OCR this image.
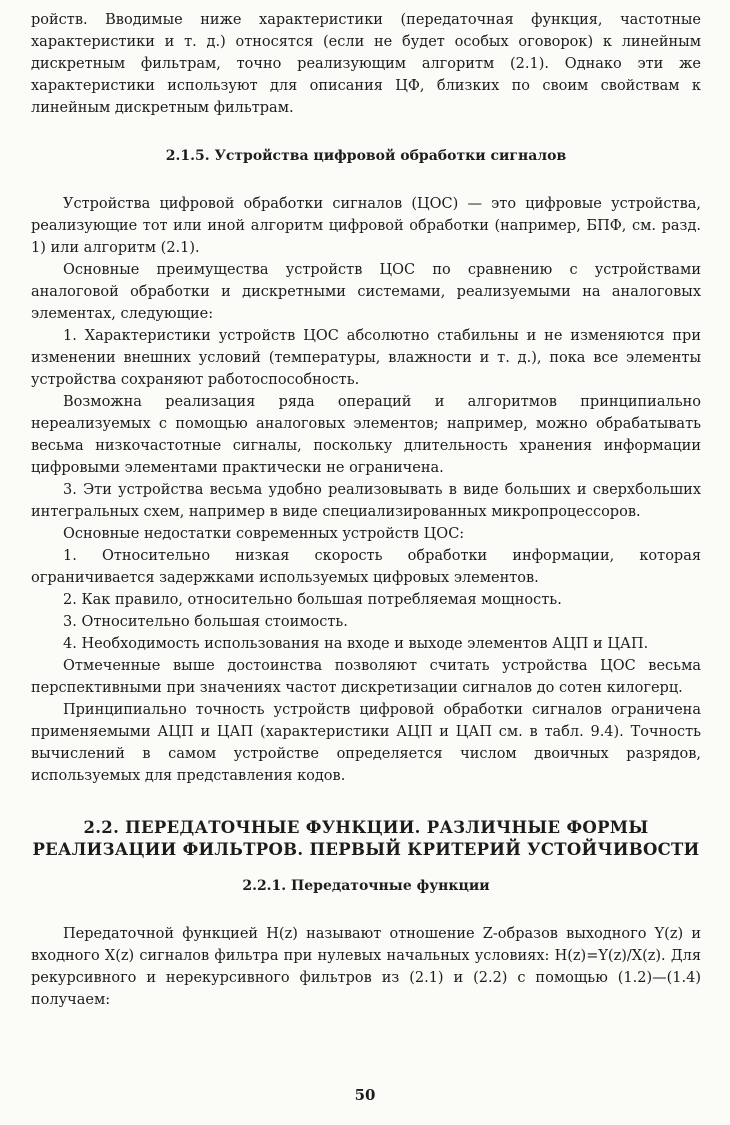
ройств. Вводимые ниже характеристики (передаточная функция, частотные характеристики и т. д.) относятся (если не будет особых оговорок) к линейным дискретным фильтрам, точно реализующим алгоритм (2.1). Однако эти же характеристики используют для описания ЦФ, близких по своим свойствам к линейным дискретным фильтрам.

2.1.5. Устройства цифровой обработки сигналов

Устройства цифровой обработки сигналов (ЦОС) — это цифровые устройства, реализующие тот или иной алгоритм цифровой обработки (например, БПФ, см. разд. 1) или алгоритм (2.1).

Основные преимущества устройств ЦОС по сравнению с устройствами аналоговой обработки и дискретными системами, реализуемыми на аналоговых элементах, следующие:

1. Характеристики устройств ЦОС абсолютно стабильны и не изменяются при изменении внешних условий (температуры, влажности и т. д.), пока все элементы устройства сохраняют работоспособность.

Возможна реализация ряда операций и алгоритмов принципиально нереализуемых с помощью аналоговых элементов; например, можно обрабатывать весьма низкочастотные сигналы, поскольку длительность хранения информации цифровыми элементами практически не ограничена.

3. Эти устройства весьма удобно реализовывать в виде больших и сверхбольших интегральных схем, например в виде специализированных микропроцессоров.

Основные недостатки современных устройств ЦОС:

1. Относительно низкая скорость обработки информации, которая ограничивается задержками используемых цифровых элементов.

2. Как правило, относительно большая потребляемая мощность.

3. Относительно большая стоимость.

4. Необходимость использования на входе и выходе элементов АЦП и ЦАП.

Отмеченные выше достоинства позволяют считать устройства ЦОС весьма перспективными при значениях частот дискретизации сигналов до сотен килогерц.

Принципиально точность устройств цифровой обработки сигналов ограничена применяемыми АЦП и ЦАП (характеристики АЦП и ЦАП см. в табл. 9.4). Точность вычислений в самом устройстве определяется числом двоичных разрядов, используемых для представления кодов.

2.2. ПЕРЕДАТОЧНЫЕ ФУНКЦИИ. РАЗЛИЧНЫЕ ФОРМЫ
РЕАЛИЗАЦИИ ФИЛЬТРОВ. ПЕРВЫЙ КРИТЕРИЙ УСТОЙЧИВОСТИ
2.2.1. Передаточные функции

Передаточной функцией H(z) называют отношение Z-образов выходного Y(z) и входного X(z) сигналов фильтра при нулевых начальных условиях: H(z)=Y(z)/X(z). Для рекурсивного и нерекурсивного фильтров из (2.1) и (2.2) с помощью (1.2)—(1.4) получаем:

50
